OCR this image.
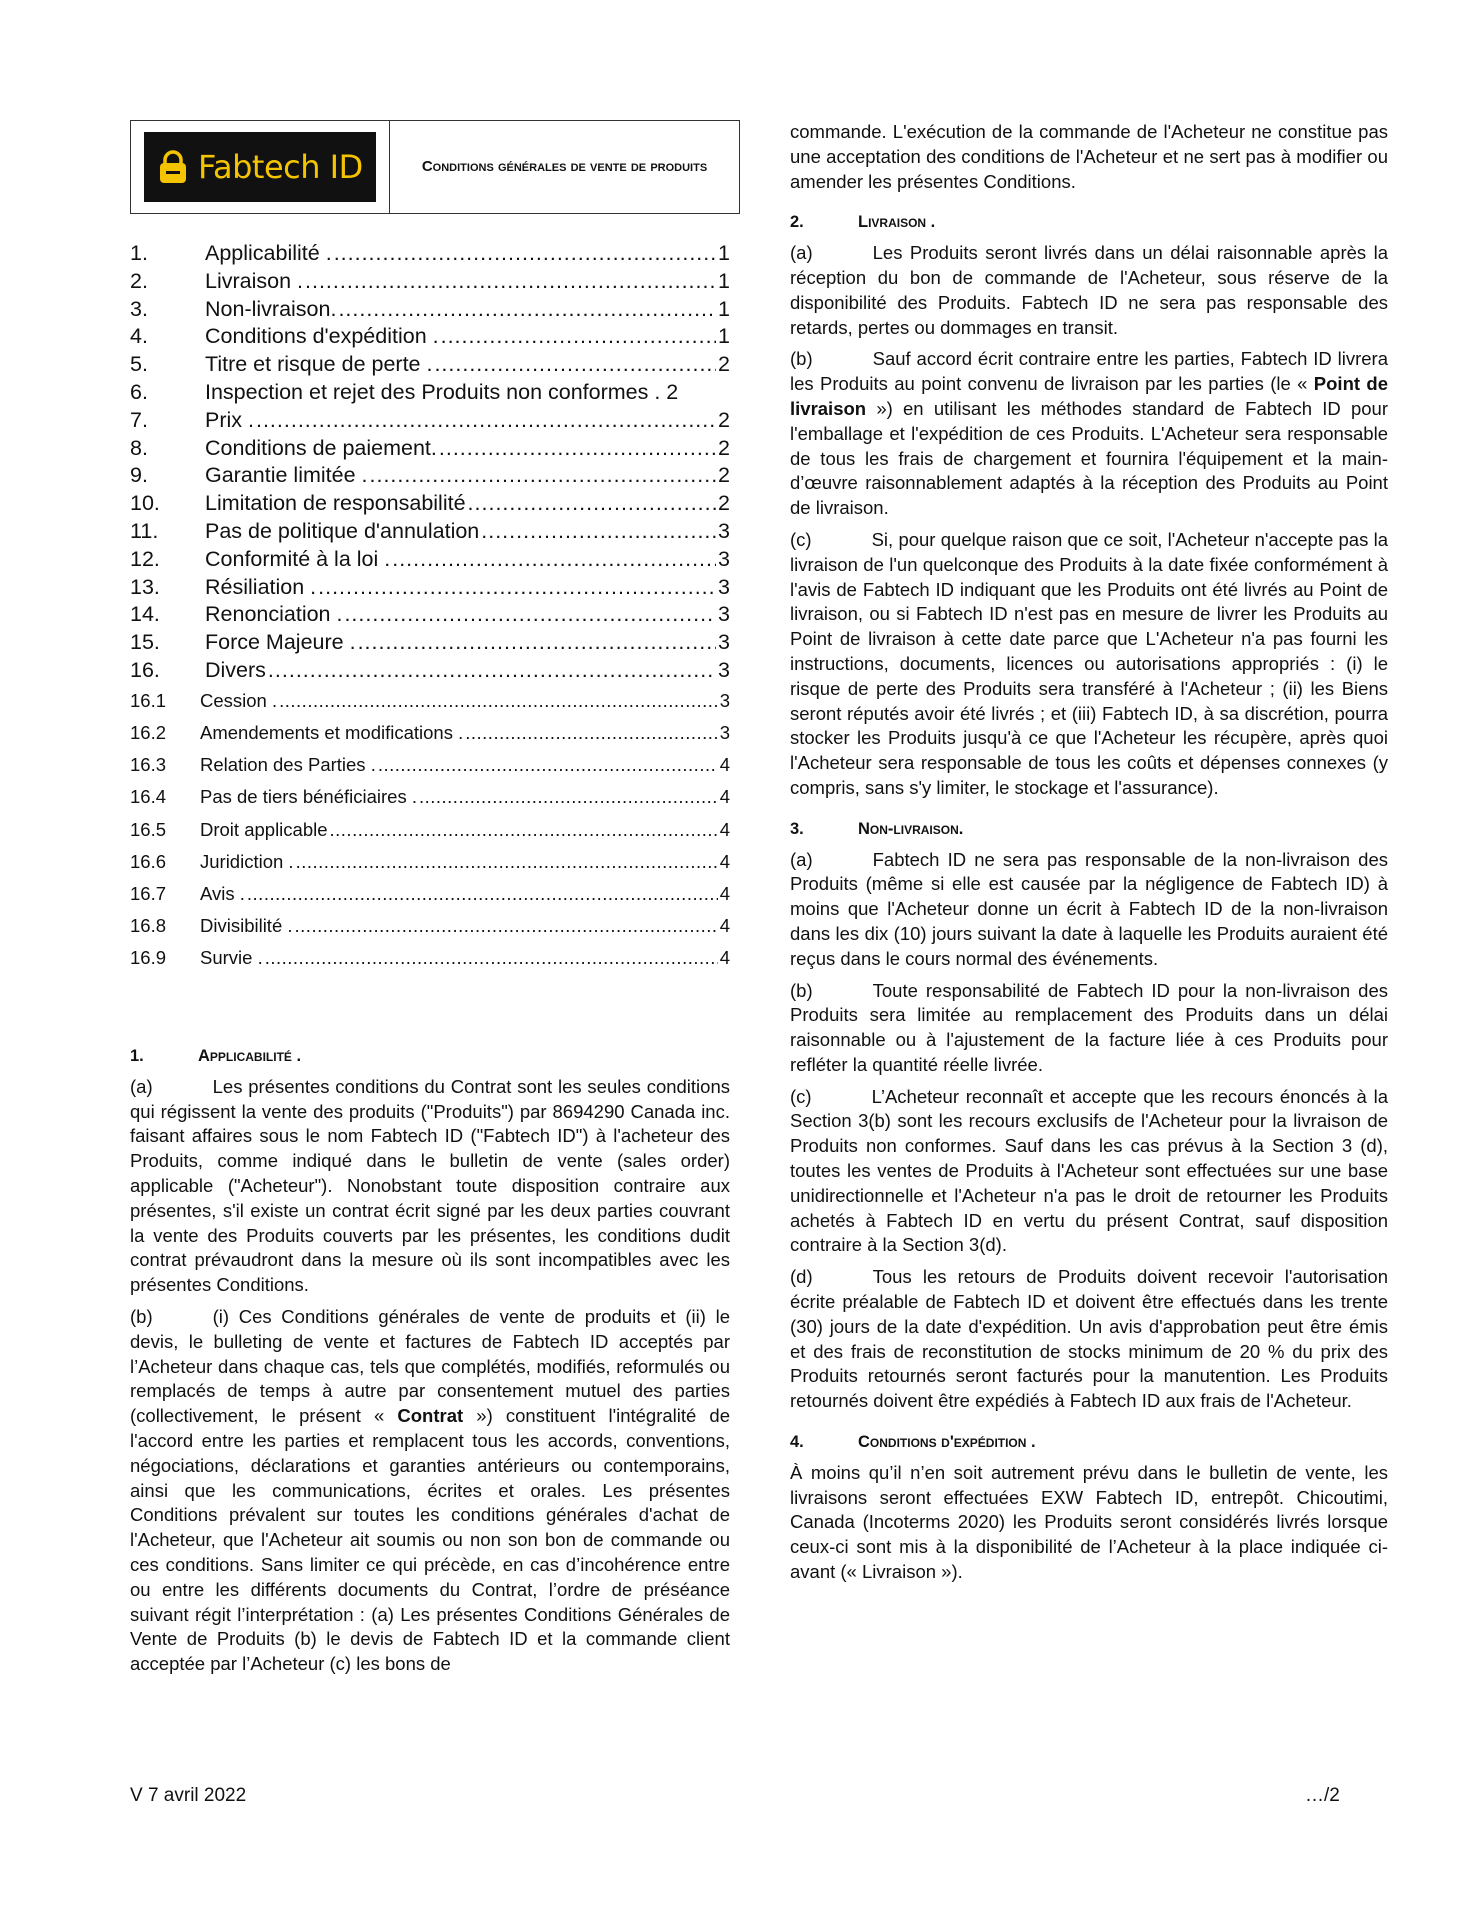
Fabtech ID	Conditions générales de vente de produits
1.	Applicabilité . .....	1
2.	Livraison . .....	1
3.	Non-livraison. .....	1
4.	Conditions d'expédition . .....	1
5.	Titre et risque de perte . .....	2
6.	Inspection et rejet des Produits non conformes . 2
7.	Prix . .....	2
8.	Conditions de paiement. .....	2
9.	Garantie limitée . .....	2
10.	Limitation de responsabilité .....	2
11.	Pas de politique d'annulation .....	3
12.	Conformité à la loi . .....	3
13.	Résiliation . .....	3
14.	Renonciation . .....	3
15.	Force Majeure . .....	3
16.	Divers .....	3
16.1	Cession . .....	3
16.2	Amendements et modifications . .....	3
16.3	Relation des Parties . .....	4
16.4	Pas de tiers bénéficiaires . .....	4
16.5	Droit applicable .....	4
16.6	Juridiction . .....	4
16.7	Avis . .....	4
16.8	Divisibilité . .....	4
16.9	Survie . .....	4
1.	Applicabilité .

(a)	Les présentes conditions du Contrat sont les seules conditions qui régissent la vente des produits ("Produits") par 8694290 Canada inc. faisant affaires sous le nom Fabtech ID ("Fabtech ID") à l'acheteur des Produits, comme indiqué dans le bulletin de vente (sales order) applicable ("Acheteur"). Nonobstant toute disposition contraire aux présentes, s'il existe un contrat écrit signé par les deux parties couvrant la vente des Produits couverts par les présentes, les conditions dudit contrat prévaudront dans la mesure où ils sont incompatibles avec les présentes Conditions.

(b)	(i) Ces Conditions générales de vente de produits et (ii) le devis, le bulleting de vente et factures de Fabtech ID acceptés par l’Acheteur dans chaque cas, tels que complétés, modifiés, reformulés ou remplacés de temps à autre par consentement mutuel des parties (collectivement, le présent « Contrat ») constituent l'intégralité de l'accord entre les parties et remplacent tous les accords, conventions, négociations, déclarations et garanties antérieurs ou contemporains, ainsi que les communications, écrites et orales. Les présentes Conditions prévalent sur toutes les conditions générales d'achat de l'Acheteur, que l'Acheteur ait soumis ou non son bon de commande ou ces conditions. Sans limiter ce qui précède, en cas d’incohérence entre ou entre les différents documents du Contrat, l’ordre de préséance suivant régit l’interprétation : (a) Les présentes Conditions Générales de Vente de Produits (b) le devis de Fabtech ID et la commande client acceptée par l’Acheteur (c) les bons de

commande. L'exécution de la commande de l'Acheteur ne constitue pas une acceptation des conditions de l'Acheteur et ne sert pas à modifier ou amender les présentes Conditions.

2.	Livraison .

(a)	Les Produits seront livrés dans un délai raisonnable après la réception du bon de commande de l'Acheteur, sous réserve de la disponibilité des Produits. Fabtech ID ne sera pas responsable des retards, pertes ou dommages en transit.

(b)	Sauf accord écrit contraire entre les parties, Fabtech ID livrera les Produits au point convenu de livraison par les parties (le « Point de livraison ») en utilisant les méthodes standard de Fabtech ID pour l'emballage et l'expédition de ces Produits. L'Acheteur sera responsable de tous les frais de chargement et fournira l'équipement et la main-d’œuvre raisonnablement adaptés à la réception des Produits au Point de livraison.

(c)	Si, pour quelque raison que ce soit, l'Acheteur n'accepte pas la livraison de l'un quelconque des Produits à la date fixée conformément à l'avis de Fabtech ID indiquant que les Produits ont été livrés au Point de livraison, ou si Fabtech ID n'est pas en mesure de livrer les Produits au Point de livraison à cette date parce que L'Acheteur n'a pas fourni les instructions, documents, licences ou autorisations appropriés : (i) le risque de perte des Produits sera transféré à l'Acheteur ; (ii) les Biens seront réputés avoir été livrés ; et (iii) Fabtech ID, à sa discrétion, pourra stocker les Produits jusqu'à ce que l'Acheteur les récupère, après quoi l'Acheteur sera responsable de tous les coûts et dépenses connexes (y compris, sans s'y limiter, le stockage et l'assurance).

3.	Non-livraison.

(a)	Fabtech ID ne sera pas responsable de la non-livraison des Produits (même si elle est causée par la négligence de Fabtech ID) à moins que l'Acheteur donne un écrit à Fabtech ID de la non-livraison dans les dix (10) jours suivant la date à laquelle les Produits auraient été reçus dans le cours normal des événements.

(b)	Toute responsabilité de Fabtech ID pour la non-livraison des Produits sera limitée au remplacement des Produits dans un délai raisonnable ou à l'ajustement de la facture liée à ces Produits pour refléter la quantité réelle livrée.

(c)	L’Acheteur reconnaît et accepte que les recours énoncés à la Section 3(b) sont les recours exclusifs de l'Acheteur pour la livraison de Produits non conformes. Sauf dans les cas prévus à la Section 3 (d), toutes les ventes de Produits à l'Acheteur sont effectuées sur une base unidirectionnelle et l'Acheteur n'a pas le droit de retourner les Produits achetés à Fabtech ID en vertu du présent Contrat, sauf disposition contraire à la Section 3(d).

(d)	Tous les retours de Produits doivent recevoir l'autorisation écrite préalable de Fabtech ID et doivent être effectués dans les trente (30) jours de la date d'expédition. Un avis d'approbation peut être émis et des frais de reconstitution de stocks minimum de 20 % du prix des Produits retournés seront facturés pour la manutention. Les Produits retournés doivent être expédiés à Fabtech ID aux frais de l'Acheteur.

4.	Conditions d'expédition .

À moins qu’il n’en soit autrement prévu dans le bulletin de vente, les livraisons seront effectuées EXW Fabtech ID, entrepôt. Chicoutimi, Canada (Incoterms 2020) les Produits seront considérés livrés lorsque ceux-ci sont mis à la disponibilité de l’Acheteur à la place indiquée ci-avant (« Livraison »).

V 7 avril 2022	…/2
